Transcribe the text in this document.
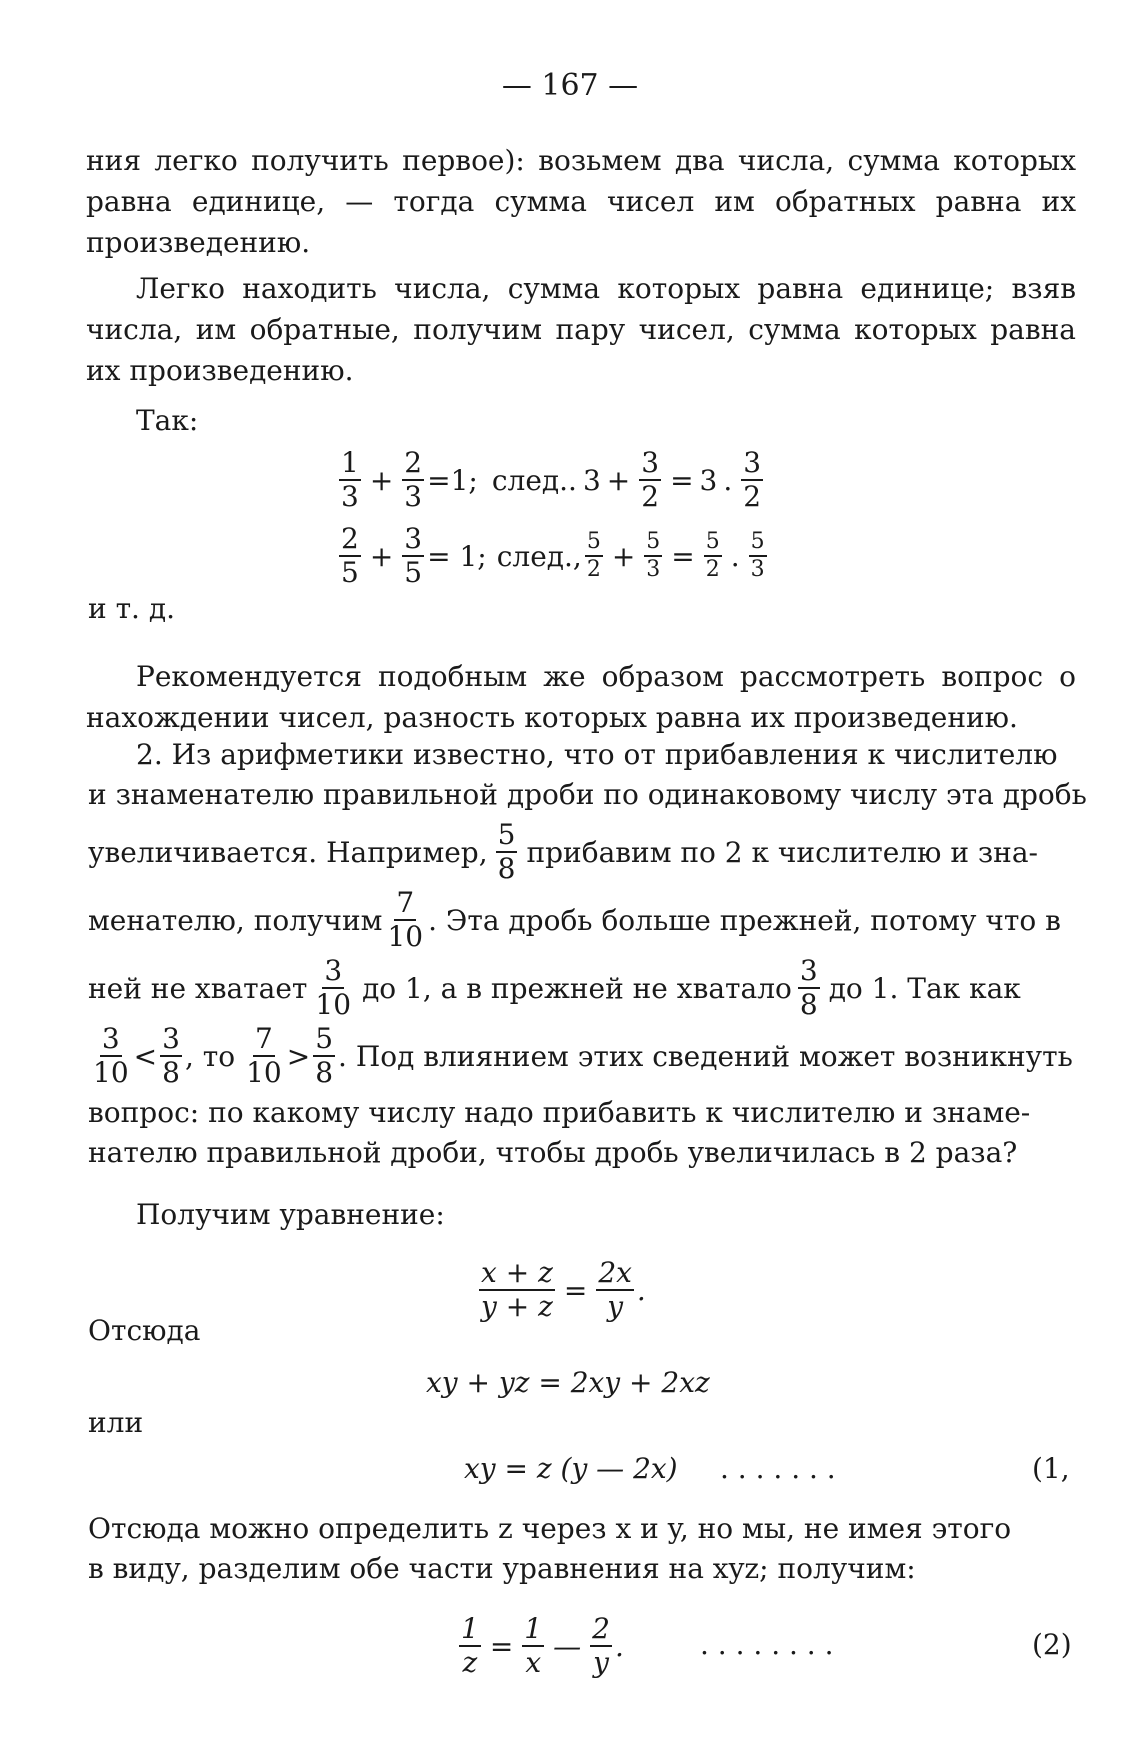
— 167 —

ния легко получить первое): возьмем два числа, сумма которых равна единице, — тогда сумма чисел им обратных равна их произведению.

Легко находить числа, сумма которых равна единице; взяв числа, им обратные, получим пару чисел, сумма которых равна их произведению.

Так:
1
$3 + \frac{2}{3} =1$; след.. $3 + \frac{3}{2} = 3$ .
3
2
2
$5 + \frac{3}{5} = 1$; след., 5
$2 + \frac{5}{3} = \frac{5}{2}$ . 5
3
и т. д.

Рекомендуется подобным же образом рассмотреть вопрос о нахождении чисел, разность которых равна их произведению.

2. Из арифметики известно, что от прибавления к числителю
и знаменателю правильной дроби по одинаковому числу эта дробь
увеличивается. Например,
5
8 прибавим по 2 к числителю и зна-
менателю, получим
7
10 . Эта дробь больше прежней, потому что в
ней не хватает
3
10 до 1, а в прежней не хватало
3
8 до 1. Так как
3
10 <
3
8 , то
7
10 >
5
8 . Под влиянием этих сведений может возникнуть
вопрос: по какому числу надо прибавить к числителю и знаме-
нателю правильной дроби, чтобы дробь увеличилась в 2 раза?
Получим уравнение:
$\frac{x + z}{y + z} = \frac{2x}{y}$ .
Отсюда
xy + yz = 2xy + 2xz
или
xy = z (y — 2x) . . . . . . .	(1,
Отсюда можно определить z через x и y, но мы, не имея этого
в виду, разделим обе части уравнения на xyz; получим:
$\frac{1}{z} = \frac{1}{x}$ —
2
y .	. . . . . . . .	(2)
